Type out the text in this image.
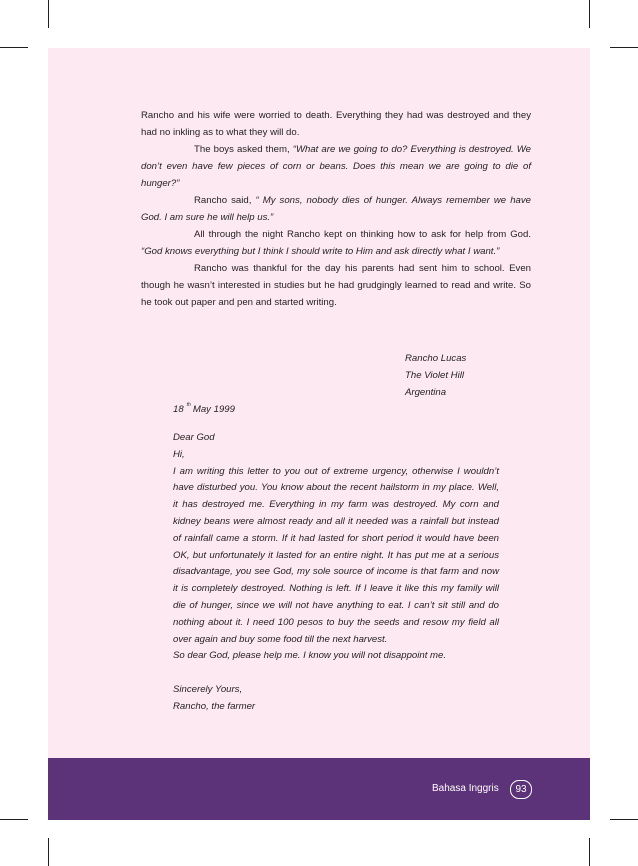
Rancho and his wife were worried to death. Everything they had was destroyed and they had no inkling as to what they will do.

The boys asked them, “What are we going to do? Everything is destroyed. We don’t even have few pieces of corn or beans. Does this mean we are going to die of hunger?”

Rancho said, “ My sons, nobody dies of hunger. Always remember we have God. I am sure he will help us.”

All through the night Rancho kept on thinking how to ask for help from God. “God knows everything but I think I should write to Him and ask directly what I want.”

Rancho was thankful for the day his parents had sent him to school. Even though he wasn’t interested in studies but he had grudgingly learned to read and write. So he took out paper and pen and started writing.

Rancho Lucas
The Violet Hill
Argentina
18 $^{th}$ May 1999

Dear God

Hi,

I am writing this letter to you out of extreme urgency, otherwise I wouldn’t have disturbed you. You know about the recent hailstorm in my place. Well, it has destroyed me. Everything in my farm was destroyed. My corn and kidney beans were almost ready and all it needed was a rainfall but instead of rainfall came a storm. If it had lasted for short period it would have been OK, but unfortunately it lasted for an entire night. It has put me at a serious disadvantage, you see God, my sole source of income is that farm and now it is completely destroyed. Nothing is left. If I leave it like this my family will die of hunger, since we will not have anything to eat. I can’t sit still and do nothing about it. I need 100 pesos to buy the seeds and resow my field all over again and buy some food till the next harvest.

So dear God, please help me. I know you will not disappoint me.

Sincerely Yours,

Rancho, the farmer

Bahasa Inggris	93
